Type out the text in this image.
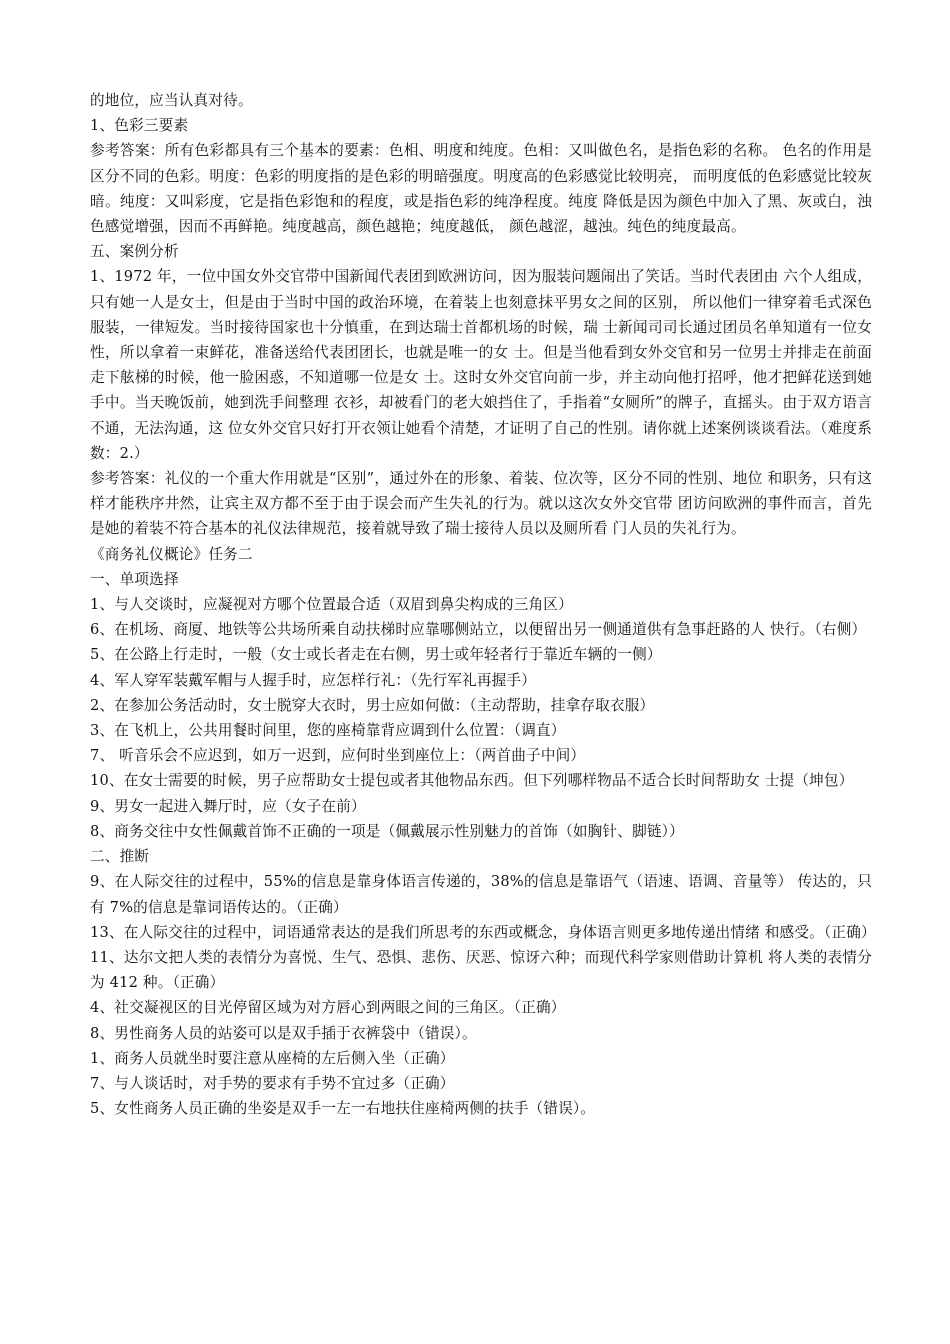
的地位，应当认真对待。

1、色彩三要素

参考答案：所有色彩都具有三个基本的要素：色相、明度和纯度。色相：又叫做色名，是指色彩的名称。 色名的作用是区分不同的色彩。明度：色彩的明度指的是色彩的明暗强度。明度高的色彩感觉比较明亮， 而明度低的色彩感觉比较灰暗。纯度：又叫彩度，它是指色彩饱和的程度，或是指色彩的纯净程度。纯度 降低是因为颜色中加入了黑、灰或白，浊色感觉增强，因而不再鲜艳。纯度越高，颜色越艳；纯度越低， 颜色越涩，越浊。纯色的纯度最高。

五、案例分析

1、1972 年，一位中国女外交官带中国新闻代表团到欧洲访问，因为服装问题闹出了笑话。当时代表团由 六个人组成，只有她一人是女士，但是由于当时中国的政治环境，在着装上也刻意抹平男女之间的区别， 所以他们一律穿着毛式深色服装，一律短发。当时接待国家也十分慎重，在到达瑞士首都机场的时候，瑞 士新闻司司长通过团员名单知道有一位女性，所以拿着一束鲜花，准备送给代表团团长，也就是唯一的女 士。但是当他看到女外交官和另一位男士并排走在前面走下舷梯的时候，他一脸困惑，不知道哪一位是女 士。这时女外交官向前一步，并主动向他打招呼，他才把鲜花送到她手中。当天晚饭前，她到洗手间整理 衣衫，却被看门的老大娘挡住了，手指着“女厕所”的牌子，直摇头。由于双方语言不通，无法沟通，这 位女外交官只好打开衣领让她看个清楚，才证明了自己的性别。请你就上述案例谈谈看法。（难度系数：2.）

参考答案：礼仪的一个重大作用就是“区别”，通过外在的形象、着装、位次等，区分不同的性别、地位 和职务，只有这样才能秩序井然，让宾主双方都不至于由于误会而产生失礼的行为。就以这次女外交官带 团访问欧洲的事件而言，首先是她的着装不符合基本的礼仪法律规范，接着就导致了瑞士接待人员以及厕所看 门人员的失礼行为。

《商务礼仪概论》任务二

一、单项选择

1、与人交谈时，应凝视对方哪个位置最合适（双眉到鼻尖构成的三角区）

6、在机场、商厦、地铁等公共场所乘自动扶梯时应靠哪侧站立，以便留出另一侧通道供有急事赶路的人 快行。（右侧）

5、在公路上行走时，一般（女士或长者走在右侧，男士或年轻者行于靠近车辆的一侧）

4、军人穿军装戴军帽与人握手时，应怎样行礼：（先行军礼再握手）

2、在参加公务活动时，女士脱穿大衣时，男士应如何做：（主动帮助，挂拿存取衣服）

3、在飞机上，公共用餐时间里，您的座椅靠背应调到什么位置：（调直）

7、 听音乐会不应迟到，如万一迟到，应何时坐到座位上：（两首曲子中间）

10、在女士需要的时候，男子应帮助女士提包或者其他物品东西。但下列哪样物品不适合长时间帮助女 士提（坤包）

9、男女一起进入舞厅时，应（女子在前）

8、商务交往中女性佩戴首饰不正确的一项是（佩戴展示性别魅力的首饰（如胸针、脚链））

二、推断

9、在人际交往的过程中，55%的信息是靠身体语言传递的，38%的信息是靠语气（语速、语调、音量等） 传达的，只有 7%的信息是靠词语传达的。（正确）

13、在人际交往的过程中，词语通常表达的是我们所思考的东西或概念，身体语言则更多地传递出情绪 和感受。（正确）

11、达尔文把人类的表情分为喜悦、生气、恐惧、悲伤、厌恶、惊讶六种；而现代科学家则借助计算机 将人类的表情分为 412 种。（正确）

4、社交凝视区的目光停留区域为对方唇心到两眼之间的三角区。（正确）

8、男性商务人员的站姿可以是双手插于衣裤袋中（错误）。

1、商务人员就坐时要注意从座椅的左后侧入坐（正确）

7、与人谈话时，对手势的要求有手势不宜过多（正确）

5、女性商务人员正确的坐姿是双手一左一右地扶住座椅两侧的扶手（错误）。
